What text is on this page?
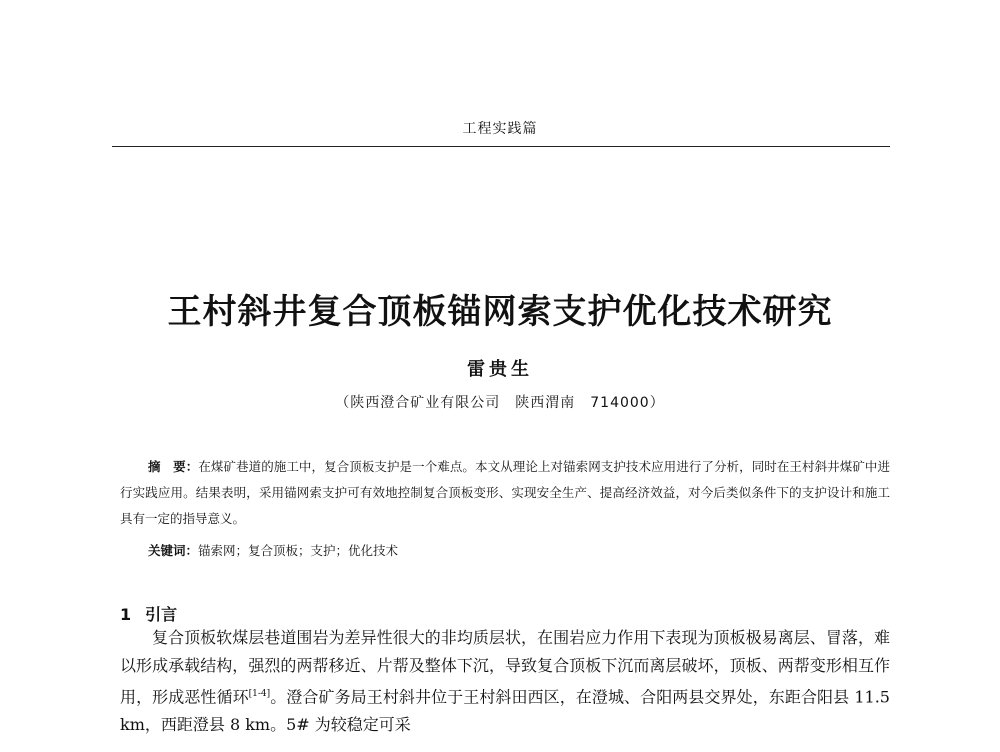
工程实践篇
王村斜井复合顶板锚网索支护优化技术研究
雷贵生
（陕西澄合矿业有限公司　陕西渭南　714000）
摘　要：在煤矿巷道的施工中，复合顶板支护是一个难点。本文从理论上对锚索网支护技术应用进行了分析，同时在王村斜井煤矿中进行实践应用。结果表明，采用锚网索支护可有效地控制复合顶板变形、实现安全生产、提高经济效益，对今后类似条件下的支护设计和施工具有一定的指导意义。
关键词：锚索网；复合顶板；支护；优化技术
1 引言
复合顶板软煤层巷道围岩为差异性很大的非均质层状，在围岩应力作用下表现为顶板极易离层、冒落，难以形成承载结构，强烈的两帮移近、片帮及整体下沉，导致复合顶板下沉而离层破坏，顶板、两帮变形相互作用，形成恶性循环[1-4]。澄合矿务局王村斜井位于王村斜田西区，在澄城、合阳两县交界处，东距合阳县 11.5 km，西距澄县 8 km。5# 为较稳定可采
